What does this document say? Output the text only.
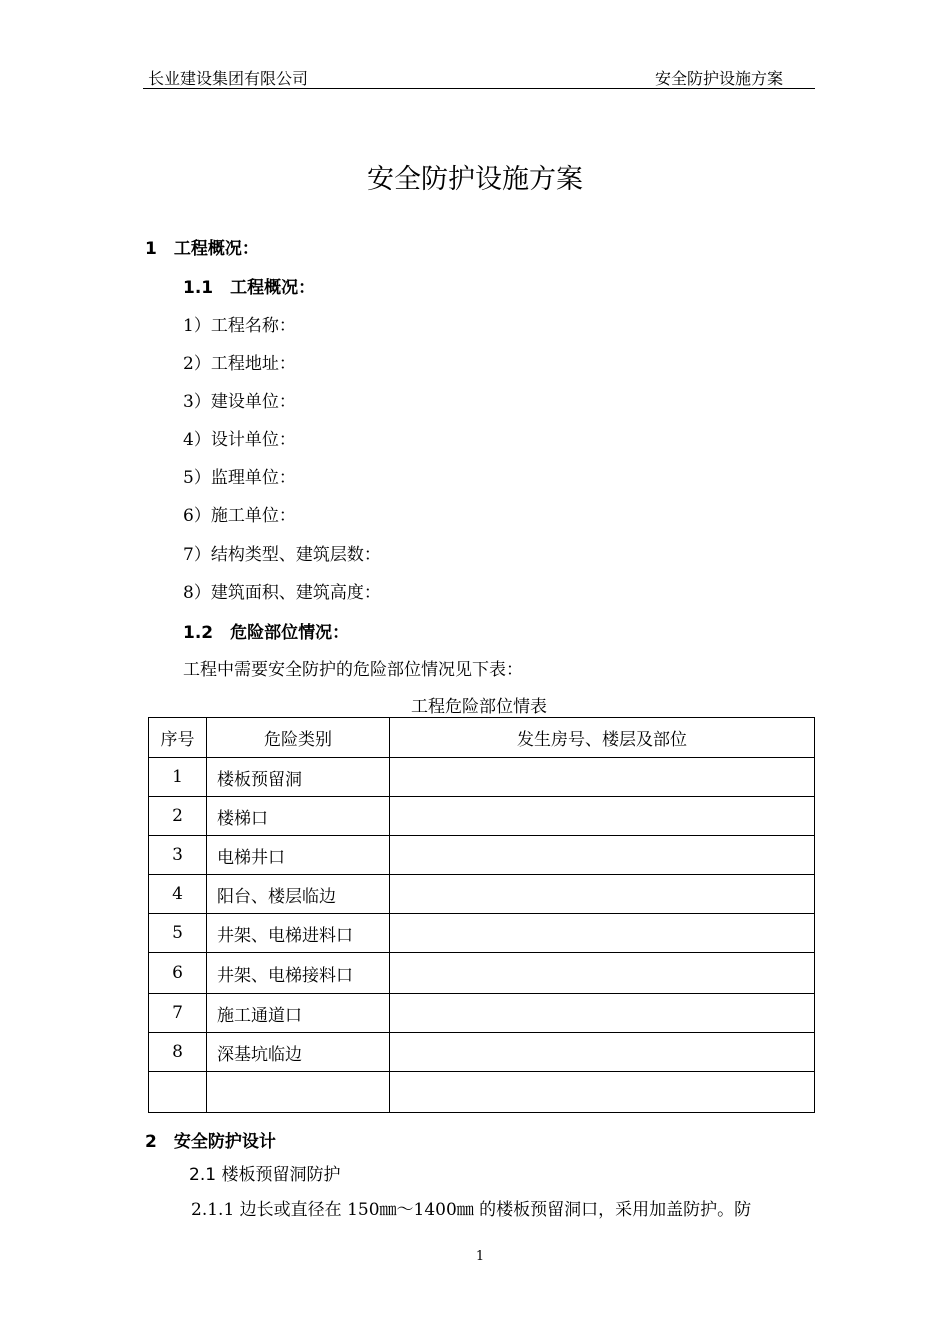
长业建设集团有限公司	安全防护设施方案
安全防护设施方案
1　工程概况：
1.1　工程概况：
1）工程名称：
2）工程地址：
3）建设单位：
4）设计单位：
5）监理单位：
6）施工单位：
7）结构类型、建筑层数：
8）建筑面积、建筑高度：
1.2　危险部位情况：
工程中需要安全防护的危险部位情况见下表：
工程危险部位情表
序号	危险类别	发生房号、楼层及部位
1	楼板预留洞	
2	楼梯口	
3	电梯井口	
4	阳台、楼层临边	
5	井架、电梯进料口	
6	井架、电梯接料口	
7	施工通道口	
8	深基坑临边	

2　安全防护设计
2.1 楼板预留洞防护
2.1.1 边长或直径在 150㎜～1400㎜ 的楼板预留洞口，采用加盖防护。防
1
